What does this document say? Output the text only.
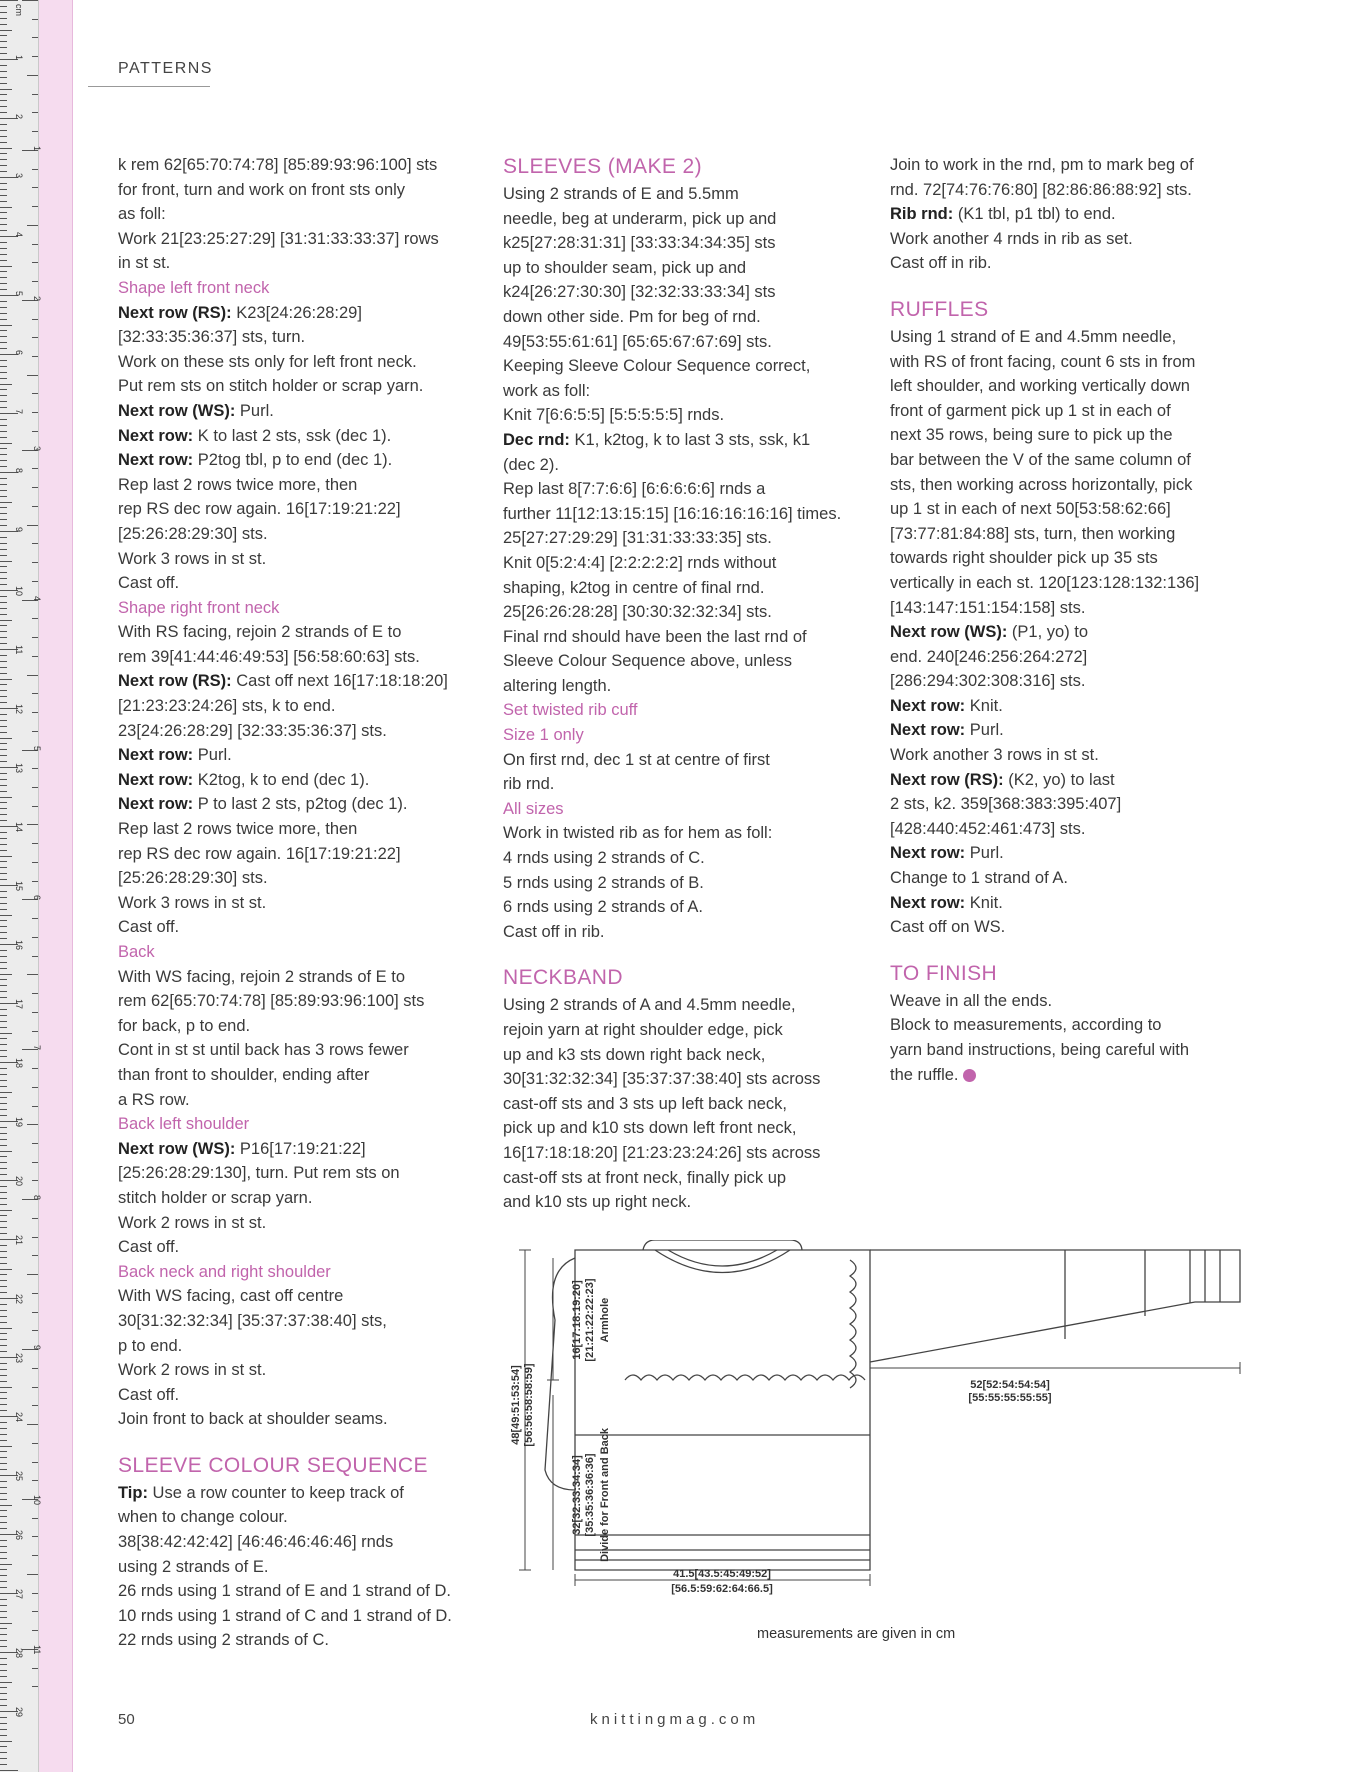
1
2
3
4
5
6
7
8
9
10
11
12
13
14
15
16
17
18
19
20
21
22
23
24
25
26
27
28
29
1
2
3
4
5
6
7
8
9
10
11
cm
PATTERNS

k rem 62[65:70:74:78] [85:89:93:96:100] sts

for front, turn and work on front sts only

as foll:

Work 21[23:25:27:29] [31:31:33:33:37] rows

in st st.

Shape left front neck

Next row (RS): K23[24:26:28:29]

[32:33:35:36:37] sts, turn.

Work on these sts only for left front neck.

Put rem sts on stitch holder or scrap yarn.

Next row (WS): Purl.

Next row: K to last 2 sts, ssk (dec 1).

Next row: P2tog tbl, p to end (dec 1).

Rep last 2 rows twice more, then

rep RS dec row again. 16[17:19:21:22]

[25:26:28:29:30] sts.

Work 3 rows in st st.

Cast off.

Shape right front neck

With RS facing, rejoin 2 strands of E to

rem 39[41:44:46:49:53] [56:58:60:63] sts.

Next row (RS): Cast off next 16[17:18:18:20]

[21:23:23:24:26] sts, k to end.

23[24:26:28:29] [32:33:35:36:37] sts.

Next row: Purl.

Next row: K2tog, k to end (dec 1).

Next row: P to last 2 sts, p2tog (dec 1).

Rep last 2 rows twice more, then

rep RS dec row again. 16[17:19:21:22]

[25:26:28:29:30] sts.

Work 3 rows in st st.

Cast off.

Back

With WS facing, rejoin 2 strands of E to

rem 62[65:70:74:78] [85:89:93:96:100] sts

for back, p to end.

Cont in st st until back has 3 rows fewer

than front to shoulder, ending after

a RS row.

Back left shoulder

Next row (WS): P16[17:19:21:22]

[25:26:28:29:130], turn. Put rem sts on

stitch holder or scrap yarn.

Work 2 rows in st st.

Cast off.

Back neck and right shoulder

With WS facing, cast off centre

30[31:32:32:34] [35:37:37:38:40] sts,

p to end.

Work 2 rows in st st.

Cast off.

Join front to back at shoulder seams.

SLEEVE COLOUR SEQUENCE

Tip: Use a row counter to keep track of

when to change colour.

38[38:42:42:42] [46:46:46:46:46] rnds

using 2 strands of E.

26 rnds using 1 strand of E and 1 strand of D.

10 rnds using 1 strand of C and 1 strand of D.

22 rnds using 2 strands of C.

SLEEVES (MAKE 2)

Using 2 strands of E and 5.5mm

needle, beg at underarm, pick up and

k25[27:28:31:31] [33:33:34:34:35] sts

up to shoulder seam, pick up and

k24[26:27:30:30] [32:32:33:33:34] sts

down other side. Pm for beg of rnd.

49[53:55:61:61] [65:65:67:67:69] sts.

Keeping Sleeve Colour Sequence correct,

work as foll:

Knit 7[6:6:5:5] [5:5:5:5:5] rnds.

Dec rnd: K1, k2tog, k to last 3 sts, ssk, k1

(dec 2).

Rep last 8[7:7:6:6] [6:6:6:6:6] rnds a

further 11[12:13:15:15] [16:16:16:16:16] times.

25[27:27:29:29] [31:31:33:33:35] sts.

Knit 0[5:2:4:4] [2:2:2:2:2] rnds without

shaping, k2tog in centre of final rnd.

25[26:26:28:28] [30:30:32:32:34] sts.

Final rnd should have been the last rnd of

Sleeve Colour Sequence above, unless

altering length.

Set twisted rib cuff

Size 1 only

On first rnd, dec 1 st at centre of first

rib rnd.

All sizes

Work in twisted rib as for hem as foll:

4 rnds using 2 strands of C.

5 rnds using 2 strands of B.

6 rnds using 2 strands of A.

Cast off in rib.

NECKBAND

Using 2 strands of A and 4.5mm needle,

rejoin yarn at right shoulder edge, pick

up and k3 sts down right back neck,

30[31:32:32:34] [35:37:37:38:40] sts across

cast-off sts and 3 sts up left back neck,

pick up and k10 sts down left front neck,

16[17:18:18:20] [21:23:23:24:26] sts across

cast-off sts at front neck, finally pick up

and k10 sts up right neck.

Join to work in the rnd, pm to mark beg of

rnd. 72[74:76:76:80] [82:86:86:88:92] sts.

Rib rnd: (K1 tbl, p1 tbl) to end.

Work another 4 rnds in rib as set.

Cast off in rib.

RUFFLES

Using 1 strand of E and 4.5mm needle,

with RS of front facing, count 6 sts in from

left shoulder, and working vertically down

front of garment pick up 1 st in each of

next 35 rows, being sure to pick up the

bar between the V of the same column of

sts, then working across horizontally, pick

up 1 st in each of next 50[53:58:62:66]

[73:77:81:84:88] sts, turn, then working

towards right shoulder pick up 35 sts

vertically in each st. 120[123:128:132:136]

[143:147:151:154:158] sts.

Next row (WS): (P1, yo) to

end. 240[246:256:264:272]

[286:294:302:308:316] sts.

Next row: Knit.

Next row: Purl.

Work another 3 rows in st st.

Next row (RS): (K2, yo) to last

2 sts, k2. 359[368:383:395:407]

[428:440:452:461:473] sts.

Next row: Purl.

Change to 1 strand of A.

Next row: Knit.

Cast off on WS.

TO FINISH

Weave in all the ends.

Block to measurements, according to

yarn band instructions, being careful with

the ruffle.

48[49:51:53:54] [56:56:58:58:59]
16[17:18:19:20] [21:21:22:22:23] Armhole
32[32:33:34:34] [35:35:36:36:36] Divide for Front and Back
52[52:54:54:54]
[55:55:55:55:55]
41.5[43.5:45:49:52]
[56.5:59:62:64:66.5]
measurements are given in cm
50	knittingmag.com
